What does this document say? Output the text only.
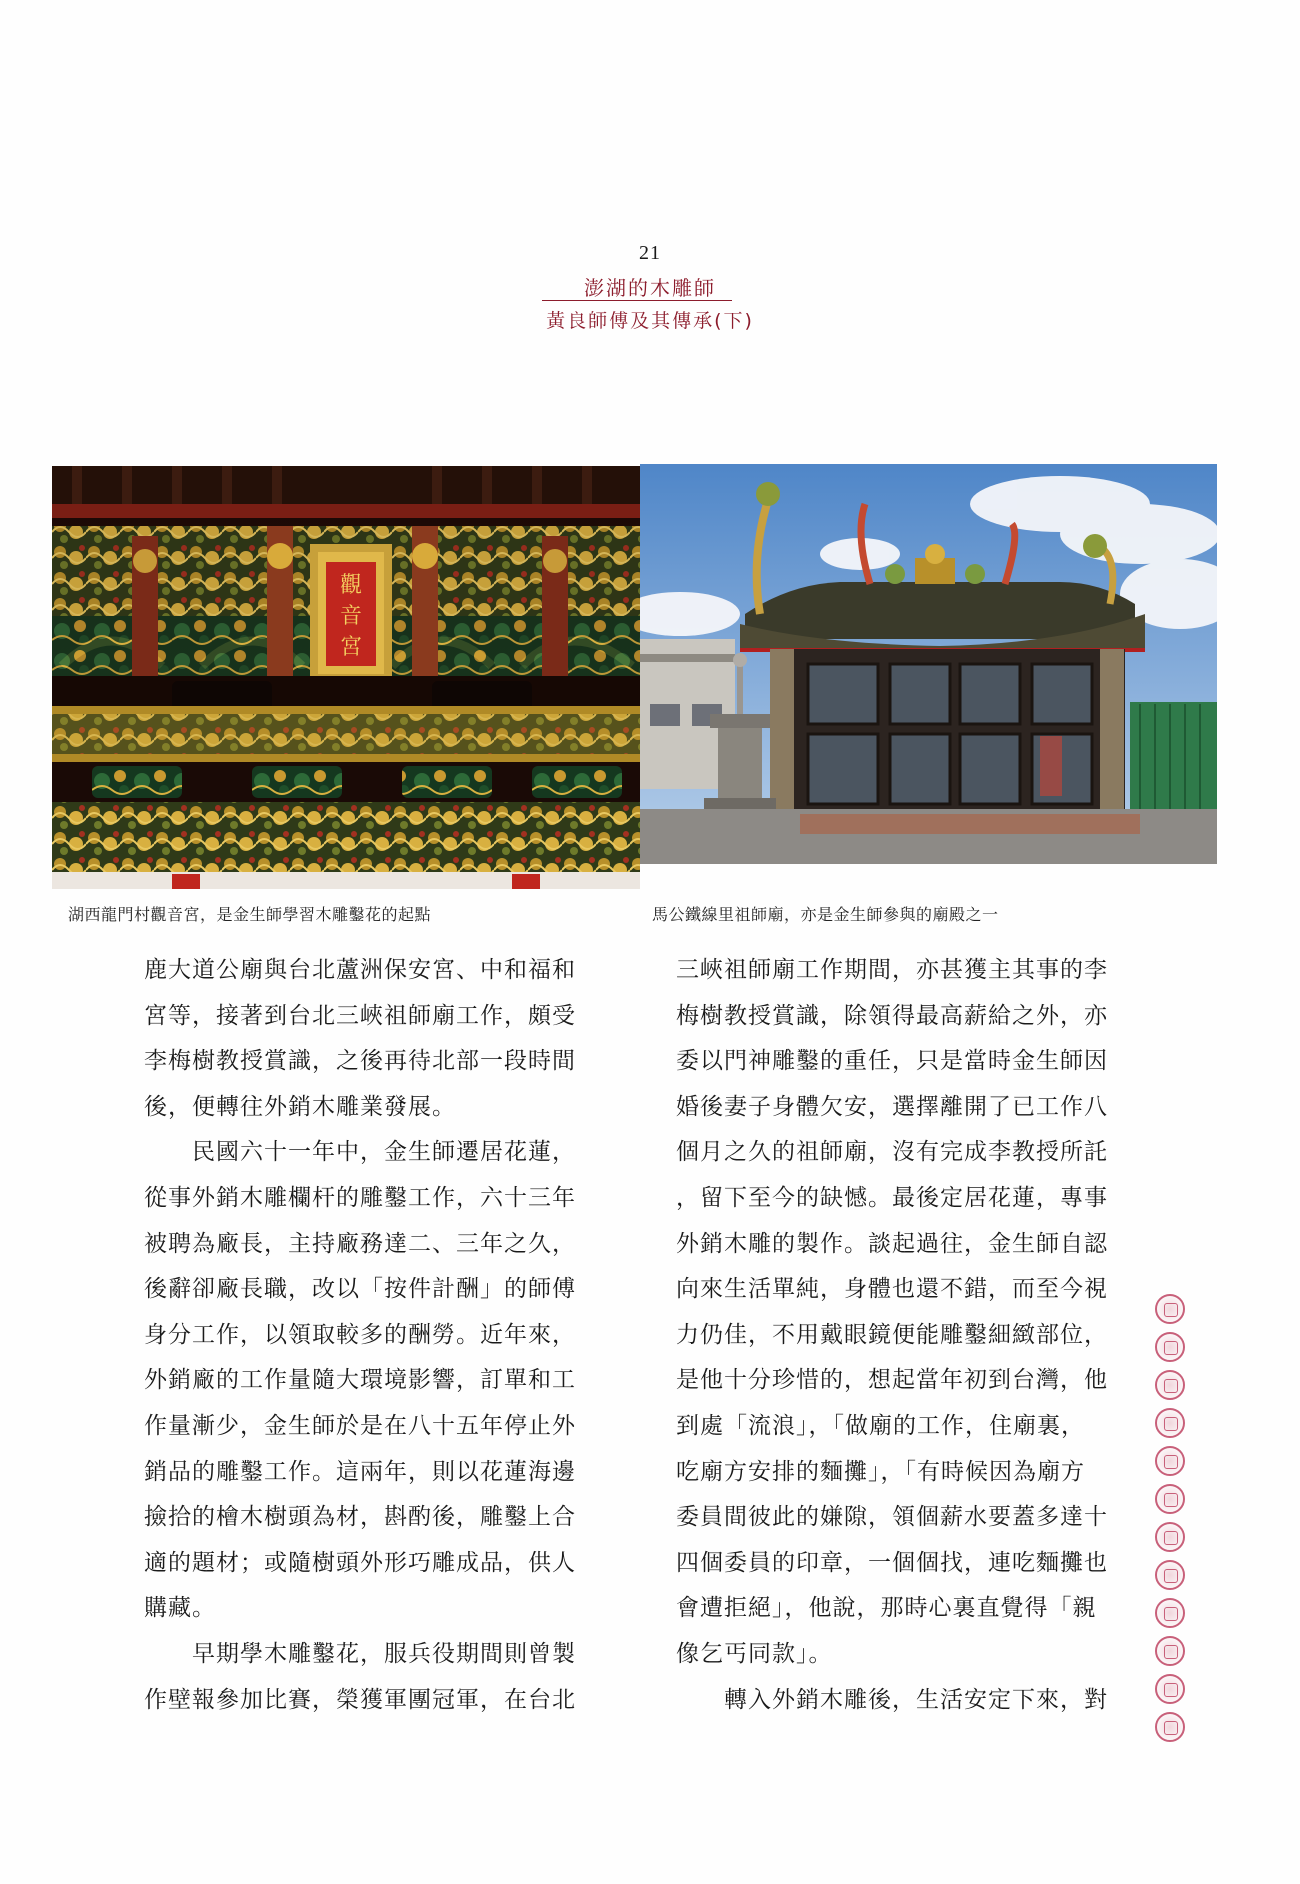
21
澎湖的木雕師
黃良師傅及其傳承(下)
觀
音
宮
湖西龍門村觀音宮，是金生師學習木雕鑿花的起點	馬公鐵線里祖師廟，亦是金生師參與的廟殿之一
鹿大道公廟與台北蘆洲保安宮、中和福和
宮等，接著到台北三峽祖師廟工作，頗受
李梅樹教授賞識，之後再待北部一段時間
後，便轉往外銷木雕業發展。
民國六十一年中，金生師遷居花蓮，
從事外銷木雕欄杆的雕鑿工作，六十三年
被聘為廠長，主持廠務達二、三年之久，
後辭卻廠長職，改以「按件計酬」的師傅
身分工作，以領取較多的酬勞。近年來，
外銷廠的工作量隨大環境影響，訂單和工
作量漸少，金生師於是在八十五年停止外
銷品的雕鑿工作。這兩年，則以花蓮海邊
撿拾的檜木樹頭為材，斟酌後，雕鑿上合
適的題材；或隨樹頭外形巧雕成品，供人
購藏。
早期學木雕鑿花，服兵役期間則曾製
作壁報參加比賽，榮獲軍團冠軍，在台北
三峽祖師廟工作期間，亦甚獲主其事的李
梅樹教授賞識，除領得最高薪給之外，亦
委以門神雕鑿的重任，只是當時金生師因
婚後妻子身體欠安，選擇離開了已工作八
個月之久的祖師廟，沒有完成李教授所託
，留下至今的缺憾。最後定居花蓮，專事
外銷木雕的製作。談起過往，金生師自認
向來生活單純，身體也還不錯，而至今視
力仍佳，不用戴眼鏡便能雕鑿細緻部位，
是他十分珍惜的，想起當年初到台灣，他
到處「流浪」，「做廟的工作，住廟裏，
吃廟方安排的麵攤」，「有時候因為廟方
委員間彼此的嫌隙，領個薪水要蓋多達十
四個委員的印章，一個個找，連吃麵攤也
會遭拒絕」，他說，那時心裏直覺得「親
像乞丐同款」。
轉入外銷木雕後，生活安定下來，對
